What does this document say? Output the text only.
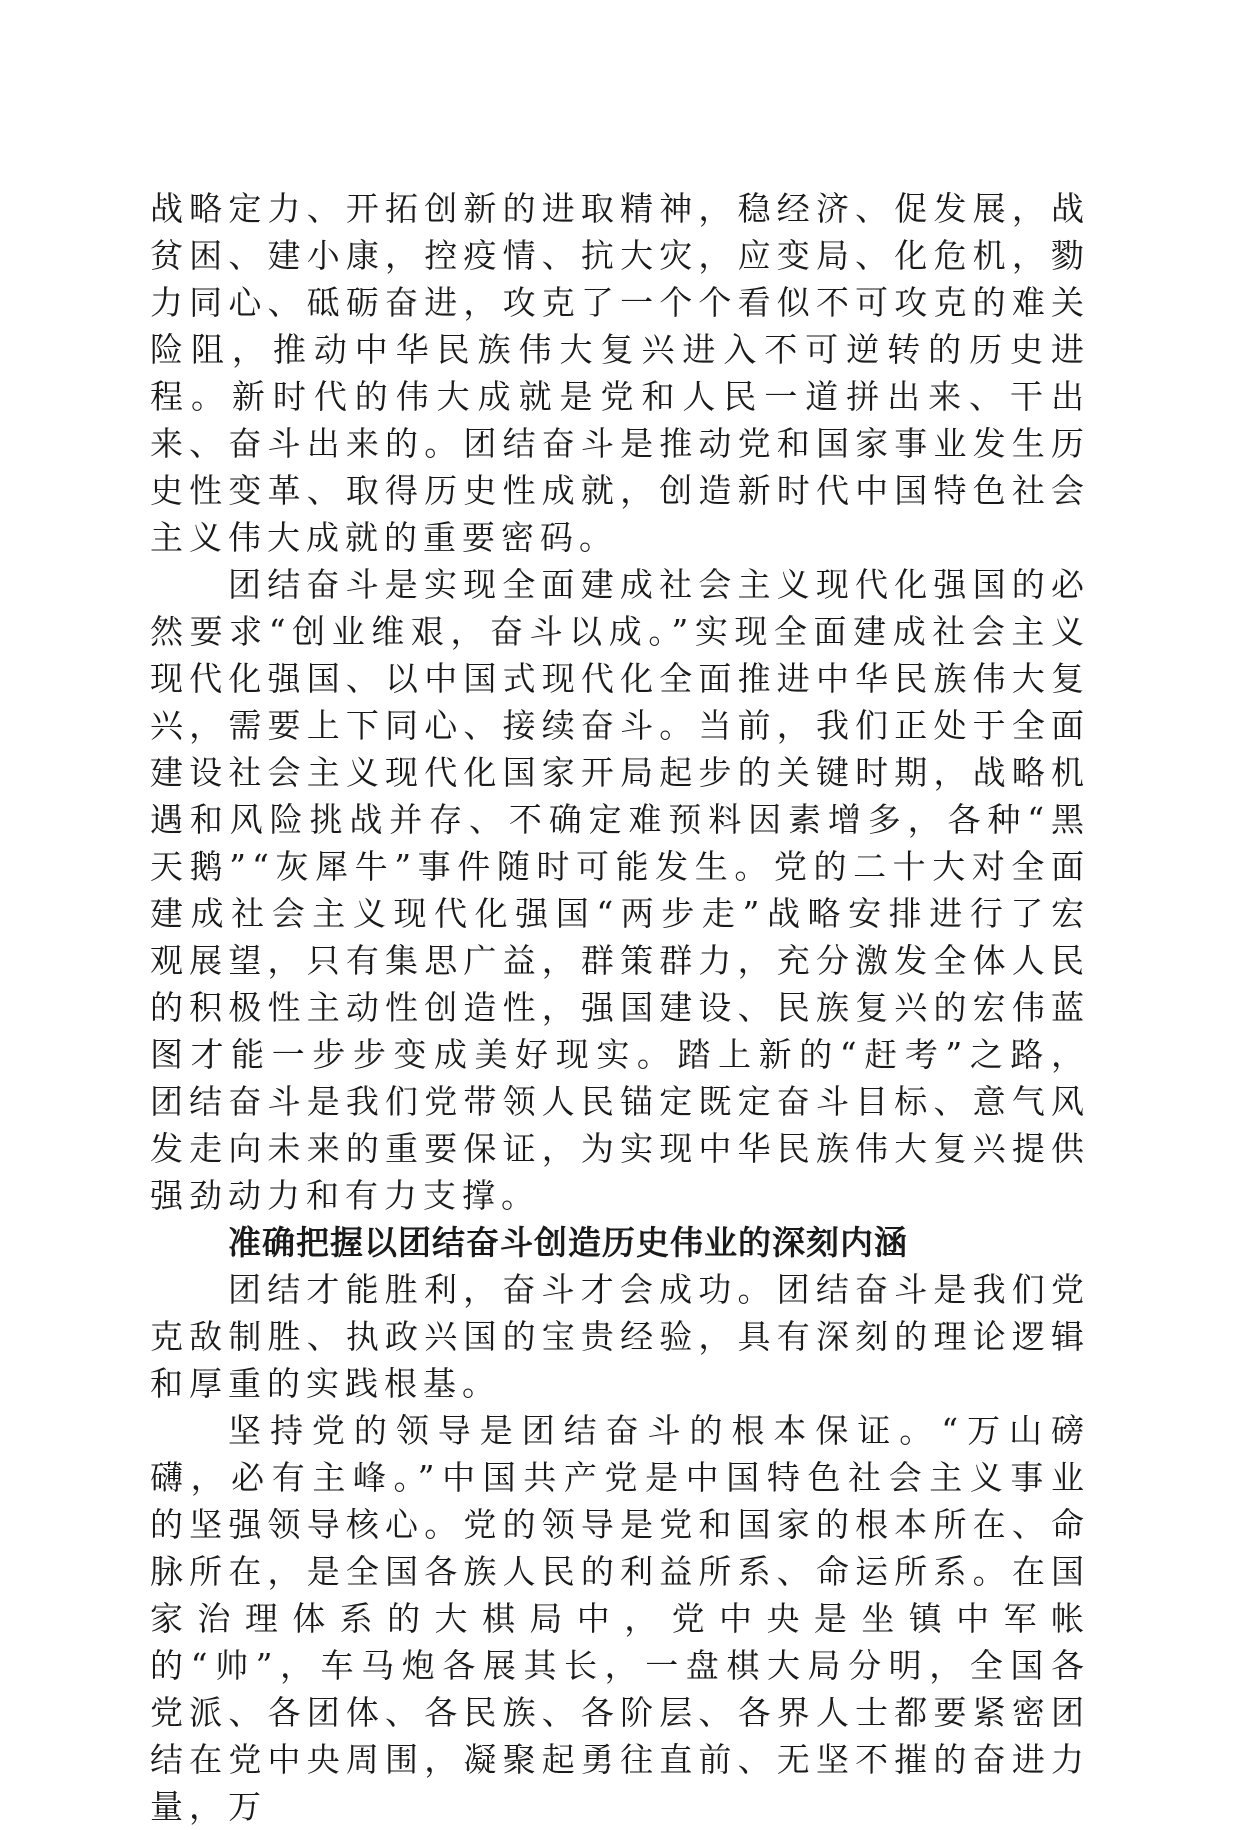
战略定力、开拓创新的进取精神，稳经济、促发展，战贫困、建小康，控疫情、抗大灾，应变局、化危机，勠力同心、砥砺奋进，攻克了一个个看似不可攻克的难关险阻，推动中华民族伟大复兴进入不可逆转的历史进程。新时代的伟大成就是党和人民一道拼出来、干出来、奋斗出来的。团结奋斗是推动党和国家事业发生历史性变革、取得历史性成就，创造新时代中国特色社会主义伟大成就的重要密码。

团结奋斗是实现全面建成社会主义现代化强国的必然要求“创业维艰，奋斗以成。”实现全面建成社会主义现代化强国、以中国式现代化全面推进中华民族伟大复兴，需要上下同心、接续奋斗。当前，我们正处于全面建设社会主义现代化国家开局起步的关键时期，战略机遇和风险挑战并存、不确定难预料因素增多，各种“黑天鹅”“灰犀牛”事件随时可能发生。党的二十大对全面建成社会主义现代化强国“两步走”战略安排进行了宏观展望，只有集思广益，群策群力，充分激发全体人民的积极性主动性创造性，强国建设、民族复兴的宏伟蓝图才能一步步变成美好现实。踏上新的“赶考”之路，团结奋斗是我们党带领人民锚定既定奋斗目标、意气风发走向未来的重要保证，为实现中华民族伟大复兴提供强劲动力和有力支撑。

准确把握以团结奋斗创造历史伟业的深刻内涵

团结才能胜利，奋斗才会成功。团结奋斗是我们党克敌制胜、执政兴国的宝贵经验，具有深刻的理论逻辑和厚重的实践根基。

坚持党的领导是团结奋斗的根本保证。“万山磅礴，必有主峰。”中国共产党是中国特色社会主义事业的坚强领导核心。党的领导是党和国家的根本所在、命脉所在，是全国各族人民的利益所系、命运所系。在国家治理体系的大棋局中，党中央是坐镇中军帐的“帅”，车马炮各展其长，一盘棋大局分明，全国各党派、各团体、各民族、各阶层、各界人士都要紧密团结在党中央周围，凝聚起勇往直前、无坚不摧的奋进力量，万
